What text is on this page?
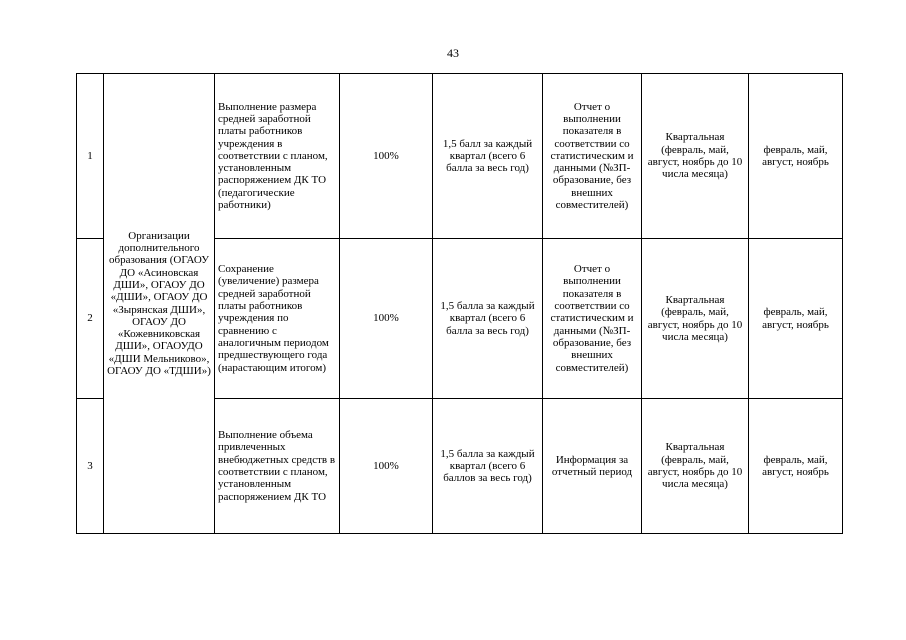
43
1	Организации дополнительного образования (ОГАОУ ДО «Асиновская ДШИ», ОГАОУ ДО «ДШИ», ОГАОУ ДО «Зырянская ДШИ», ОГАОУ ДО «Кожевниковская ДШИ», ОГАОУДО «ДШИ Мельниково», ОГАОУ ДО «ТДШИ»)	Выполнение размера средней заработной платы работников учреждения в соответствии с планом, установленным распоряжением ДК ТО (педагогические работники)	100%	1,5 балл за каждый квартал (всего 6 балла за весь год)	Отчет о выполнении показателя в соответствии со статистическим и данными (№ЗП-образование, без внешних совместителей)	Квартальная (февраль, май, август, ноябрь до 10 числа месяца)	февраль, май, август, ноябрь
2		Сохранение (увеличение) размера средней заработной платы работников учреждения по сравнению с аналогичным периодом предшествующего года (нарастающим итогом)	100%	1,5 балла за каждый квартал (всего 6 балла за весь год)	Отчет о выполнении показателя в соответствии со статистическим и данными (№ЗП-образование, без внешних совместителей)	Квартальная (февраль, май, август, ноябрь до 10 числа месяца)	февраль, май, август, ноябрь
3		Выполнение объема привлеченных внебюджетных средств в соответствии с планом, установленным распоряжением ДК ТО	100%	1,5 балла за каждый квартал (всего 6 баллов за весь год)	Информация за отчетный период	Квартальная (февраль, май, август, ноябрь до 10 числа месяца)	февраль, май, август, ноябрь
